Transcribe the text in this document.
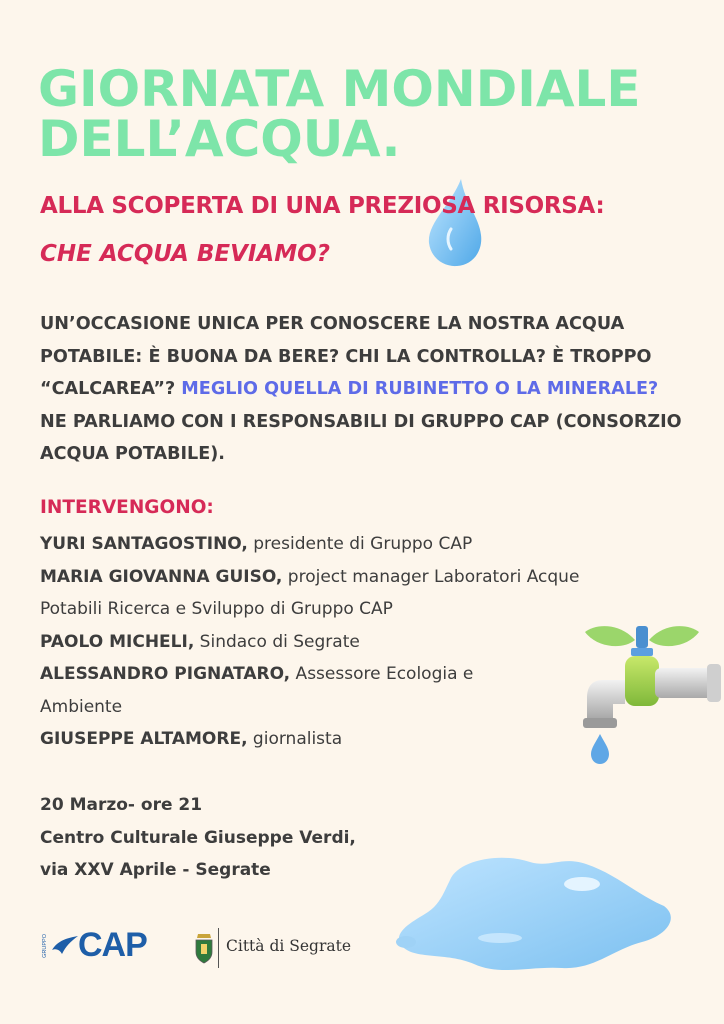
GIORNATA MONDIALE
DELL’ACQUA.
ALLA SCOPERTA DI UNA PREZIOSA RISORSA:
CHE ACQUA BEVIAMO?
UN’OCCASIONE UNICA PER CONOSCERE LA NOSTRA ACQUA POTABILE: È BUONA DA BERE? CHI LA CONTROLLA? È TROPPO “CALCAREA”? MEGLIO QUELLA DI RUBINETTO O LA MINERALE?
NE PARLIAMO CON I RESPONSABILI DI GRUPPO CAP (CONSORZIO ACQUA POTABILE).
INTERVENGONO:
YURI SANTAGOSTINO, presidente di Gruppo CAP
MARIA GIOVANNA GUISO, project manager Laboratori Acque Potabili Ricerca e Sviluppo di Gruppo CAP
PAOLO MICHELI, Sindaco di Segrate
ALESSANDRO PIGNATARO, Assessore Ecologia e Ambiente
GIUSEPPE ALTAMORE, giornalista
20 Marzo- ore 21
Centro Culturale Giuseppe Verdi,
via XXV Aprile - Segrate
GRUPPO CAP	Città di Segrate
